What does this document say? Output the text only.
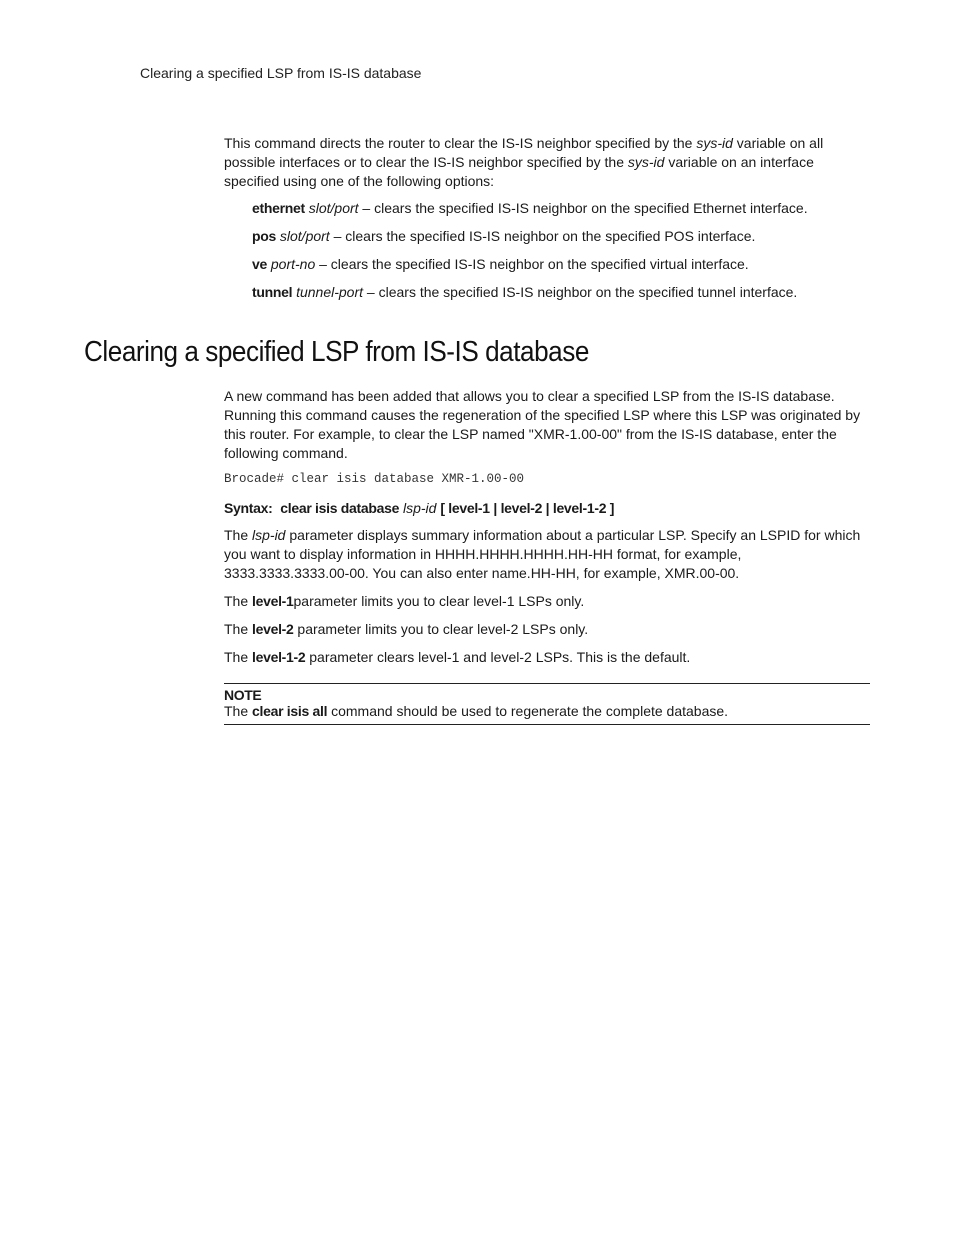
Clearing a specified LSP from IS-IS database

This command directs the router to clear the IS-IS neighbor specified by the sys-id variable on all possible interfaces or to clear the IS-IS neighbor specified by the sys-id variable on an interface specified using one of the following options:

ethernet slot/port – clears the specified IS-IS neighbor on the specified Ethernet interface.
pos slot/port – clears the specified IS-IS neighbor on the specified POS interface.
ve port-no – clears the specified IS-IS neighbor on the specified virtual interface.
tunnel tunnel-port – clears the specified IS-IS neighbor on the specified tunnel interface.
Clearing a specified LSP from IS-IS database

A new command has been added that allows you to clear a specified LSP from the IS-IS database. Running this command causes the regeneration of the specified LSP where this LSP was originated by this router. For example, to clear the LSP named "XMR-1.00-00" from the IS-IS database, enter the following command.

Brocade# clear isis database XMR-1.00-00

Syntax: clear isis database lsp-id [ level-1 | level-2 | level-1-2 ]

The lsp-id parameter displays summary information about a particular LSP. Specify an LSPID for which you want to display information in HHHH.HHHH.HHHH.HH-HH format, for example, 3333.3333.3333.00-00. You can also enter name.HH-HH, for example, XMR.00-00.

The level-1parameter limits you to clear level-1 LSPs only.

The level-2 parameter limits you to clear level-2 LSPs only.

The level-1-2 parameter clears level-1 and level-2 LSPs. This is the default.

NOTE
The clear isis all command should be used to regenerate the complete database.
